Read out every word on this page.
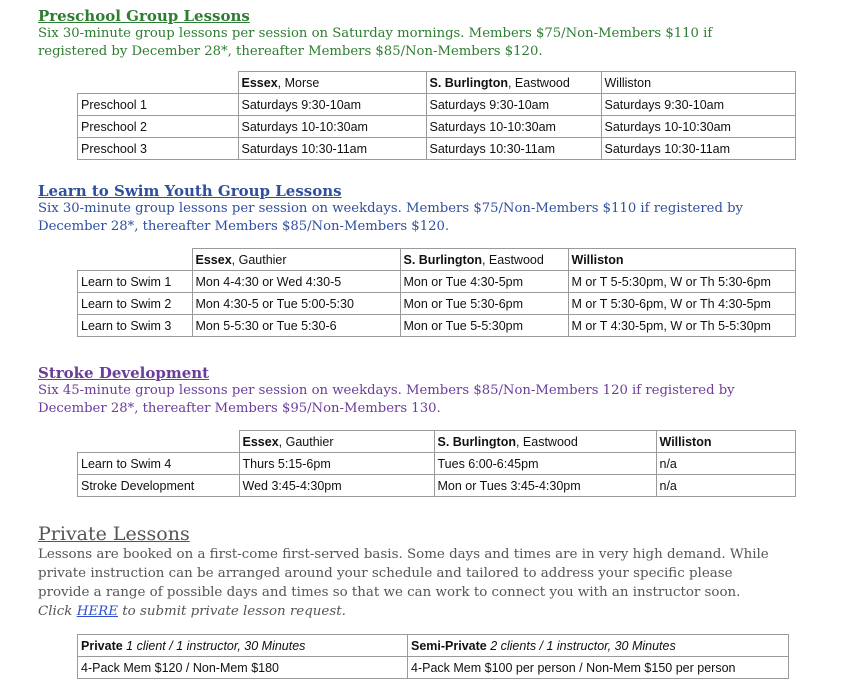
Preschool Group Lessons
Six 30-minute group lessons per session on Saturday mornings. Members $75/Non-Members $110 if
registered by December 28*, thereafter Members $85/Non-Members $120.
	Essex, Morse	S. Burlington, Eastwood	Williston
Preschool 1	Saturdays 9:30-10am	Saturdays 9:30-10am	Saturdays 9:30-10am
Preschool 2	Saturdays 10-10:30am	Saturdays 10-10:30am	Saturdays 10-10:30am
Preschool 3	Saturdays 10:30-11am	Saturdays 10:30-11am	Saturdays 10:30-11am
Learn to Swim Youth Group Lessons
Six 30-minute group lessons per session on weekdays. Members $75/Non-Members $110 if registered by
December 28*, thereafter Members $85/Non-Members $120.
	Essex, Gauthier	S. Burlington, Eastwood	Williston
Learn to Swim 1	Mon 4-4:30 or Wed 4:30-5	Mon or Tue 4:30-5pm	M or T 5-5:30pm, W or Th 5:30-6pm
Learn to Swim 2	Mon 4:30-5 or Tue 5:00-5:30	Mon or Tue 5:30-6pm	M or T 5:30-6pm, W or Th 4:30-5pm
Learn to Swim 3	Mon 5-5:30 or Tue 5:30-6	Mon or Tue 5-5:30pm	M or T 4:30-5pm, W or Th 5-5:30pm
Stroke Development
Six 45-minute group lessons per session on weekdays. Members $85/Non-Members 120 if registered by
December 28*, thereafter Members $95/Non-Members 130.
	Essex, Gauthier	S. Burlington, Eastwood	Williston
Learn to Swim 4	Thurs 5:15-6pm	Tues 6:00-6:45pm	n/a
Stroke Development	Wed 3:45-4:30pm	Mon or Tues 3:45-4:30pm	n/a
Private Lessons
Lessons are booked on a first-come first-served basis. Some days and times are in very high demand. While
private instruction can be arranged around your schedule and tailored to address your specific please
provide a range of possible days and times so that we can work to connect you with an instructor soon.
Click HERE to submit private lesson request.
Private 1 client / 1 instructor, 30 Minutes	Semi-Private 2 clients / 1 instructor, 30 Minutes
4-Pack Mem $120 / Non-Mem $180	4-Pack Mem $100 per person / Non-Mem $150 per person
